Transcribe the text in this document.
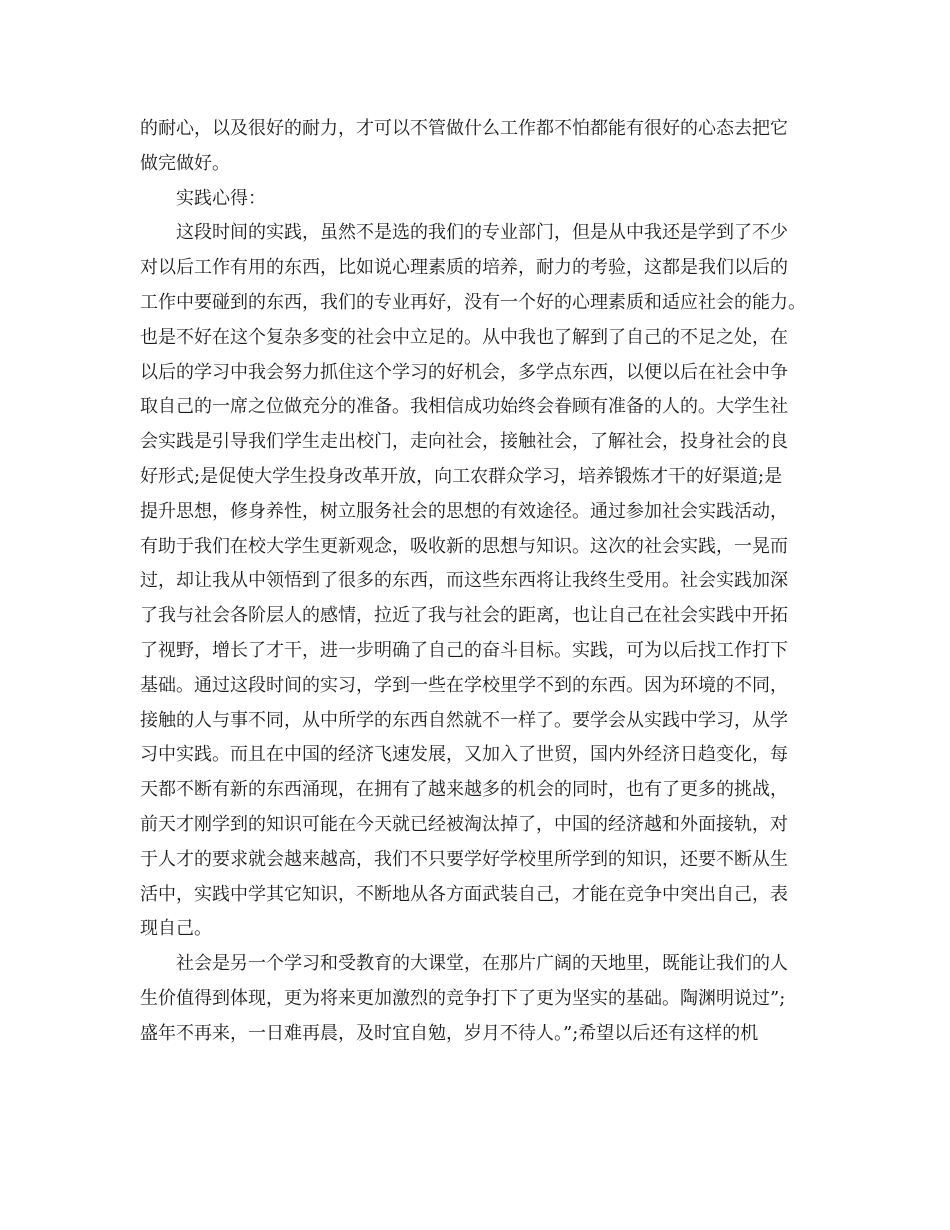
的耐心，以及很好的耐力，才可以不管做什么工作都不怕都能有很好的心态去把它
做完做好。
实践心得：
这段时间的实践，虽然不是选的我们的专业部门，但是从中我还是学到了不少
对以后工作有用的东西，比如说心理素质的培养，耐力的考验，这都是我们以后的
工作中要碰到的东西，我们的专业再好，没有一个好的心理素质和适应社会的能力。
也是不好在这个复杂多变的社会中立足的。从中我也了解到了自己的不足之处，在
以后的学习中我会努力抓住这个学习的好机会，多学点东西，以便以后在社会中争
取自己的一席之位做充分的准备。我相信成功始终会眷顾有准备的人的。大学生社
会实践是引导我们学生走出校门，走向社会，接触社会，了解社会，投身社会的良
好形式;是促使大学生投身改革开放，向工农群众学习，培养锻炼才干的好渠道;是
提升思想，修身养性，树立服务社会的思想的有效途径。通过参加社会实践活动，
有助于我们在校大学生更新观念，吸收新的思想与知识。这次的社会实践，一晃而
过，却让我从中领悟到了很多的东西，而这些东西将让我终生受用。社会实践加深
了我与社会各阶层人的感情，拉近了我与社会的距离，也让自己在社会实践中开拓
了视野，增长了才干，进一步明确了自己的奋斗目标。实践，可为以后找工作打下
基础。通过这段时间的实习，学到一些在学校里学不到的东西。因为环境的不同，
接触的人与事不同，从中所学的东西自然就不一样了。要学会从实践中学习，从学
习中实践。而且在中国的经济飞速发展，又加入了世贸，国内外经济日趋变化，每
天都不断有新的东西涌现，在拥有了越来越多的机会的同时，也有了更多的挑战，
前天才刚学到的知识可能在今天就已经被淘汰掉了，中国的经济越和外面接轨，对
于人才的要求就会越来越高，我们不只要学好学校里所学到的知识，还要不断从生
活中，实践中学其它知识，不断地从各方面武装自己，才能在竞争中突出自己，表
现自己。
社会是另一个学习和受教育的大课堂，在那片广阔的天地里，既能让我们的人
生价值得到体现，更为将来更加激烈的竞争打下了更为坚实的基础。陶渊明说过”;
盛年不再来，一日难再晨，及时宜自勉，岁月不待人。”;希望以后还有这样的机
